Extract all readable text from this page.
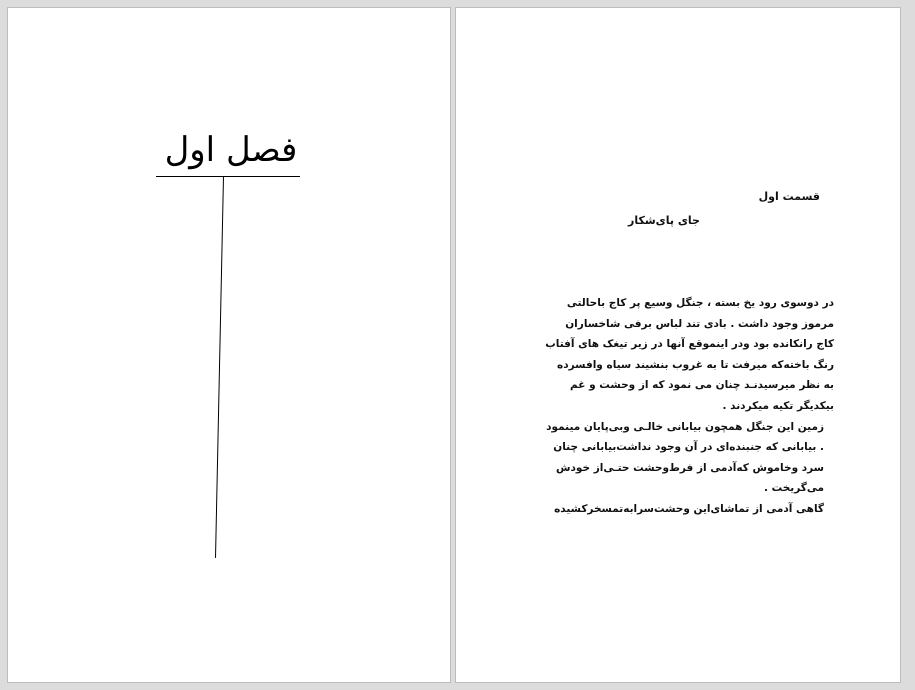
فصل اول
قسمت اول
جای پای‌شکار

در دوسوی رود یخ بسته ، جنگل وسیع پر کاج باحالتی مرموز وجود داشت . بادی تند لباس برفی شاخساران کاج رانکانده بود ودر اینموقع آنها در زیر تیغک های آفتاب رنگ باخته‌که میرفت تا به غروب بنشیند سیاه وافسرده به نظر میرسیدنـد چنان می نمود که از وحشت و غم بیکدیگر تکیه میکردند .

زمین این جنگل همچون بیابانی خالـی وبی‌پایان مینمود . بیابانی که جنبنده‌ای در آن وجود نداشت‌بیابانی چنان سرد وخاموش که‌آدمی از فرط‌وحشت حتـی‌از خودش می‌گریخت .

گاهی آدمی از تماشای‌این وحشت‌سرابه‌تمسخرکشیده
